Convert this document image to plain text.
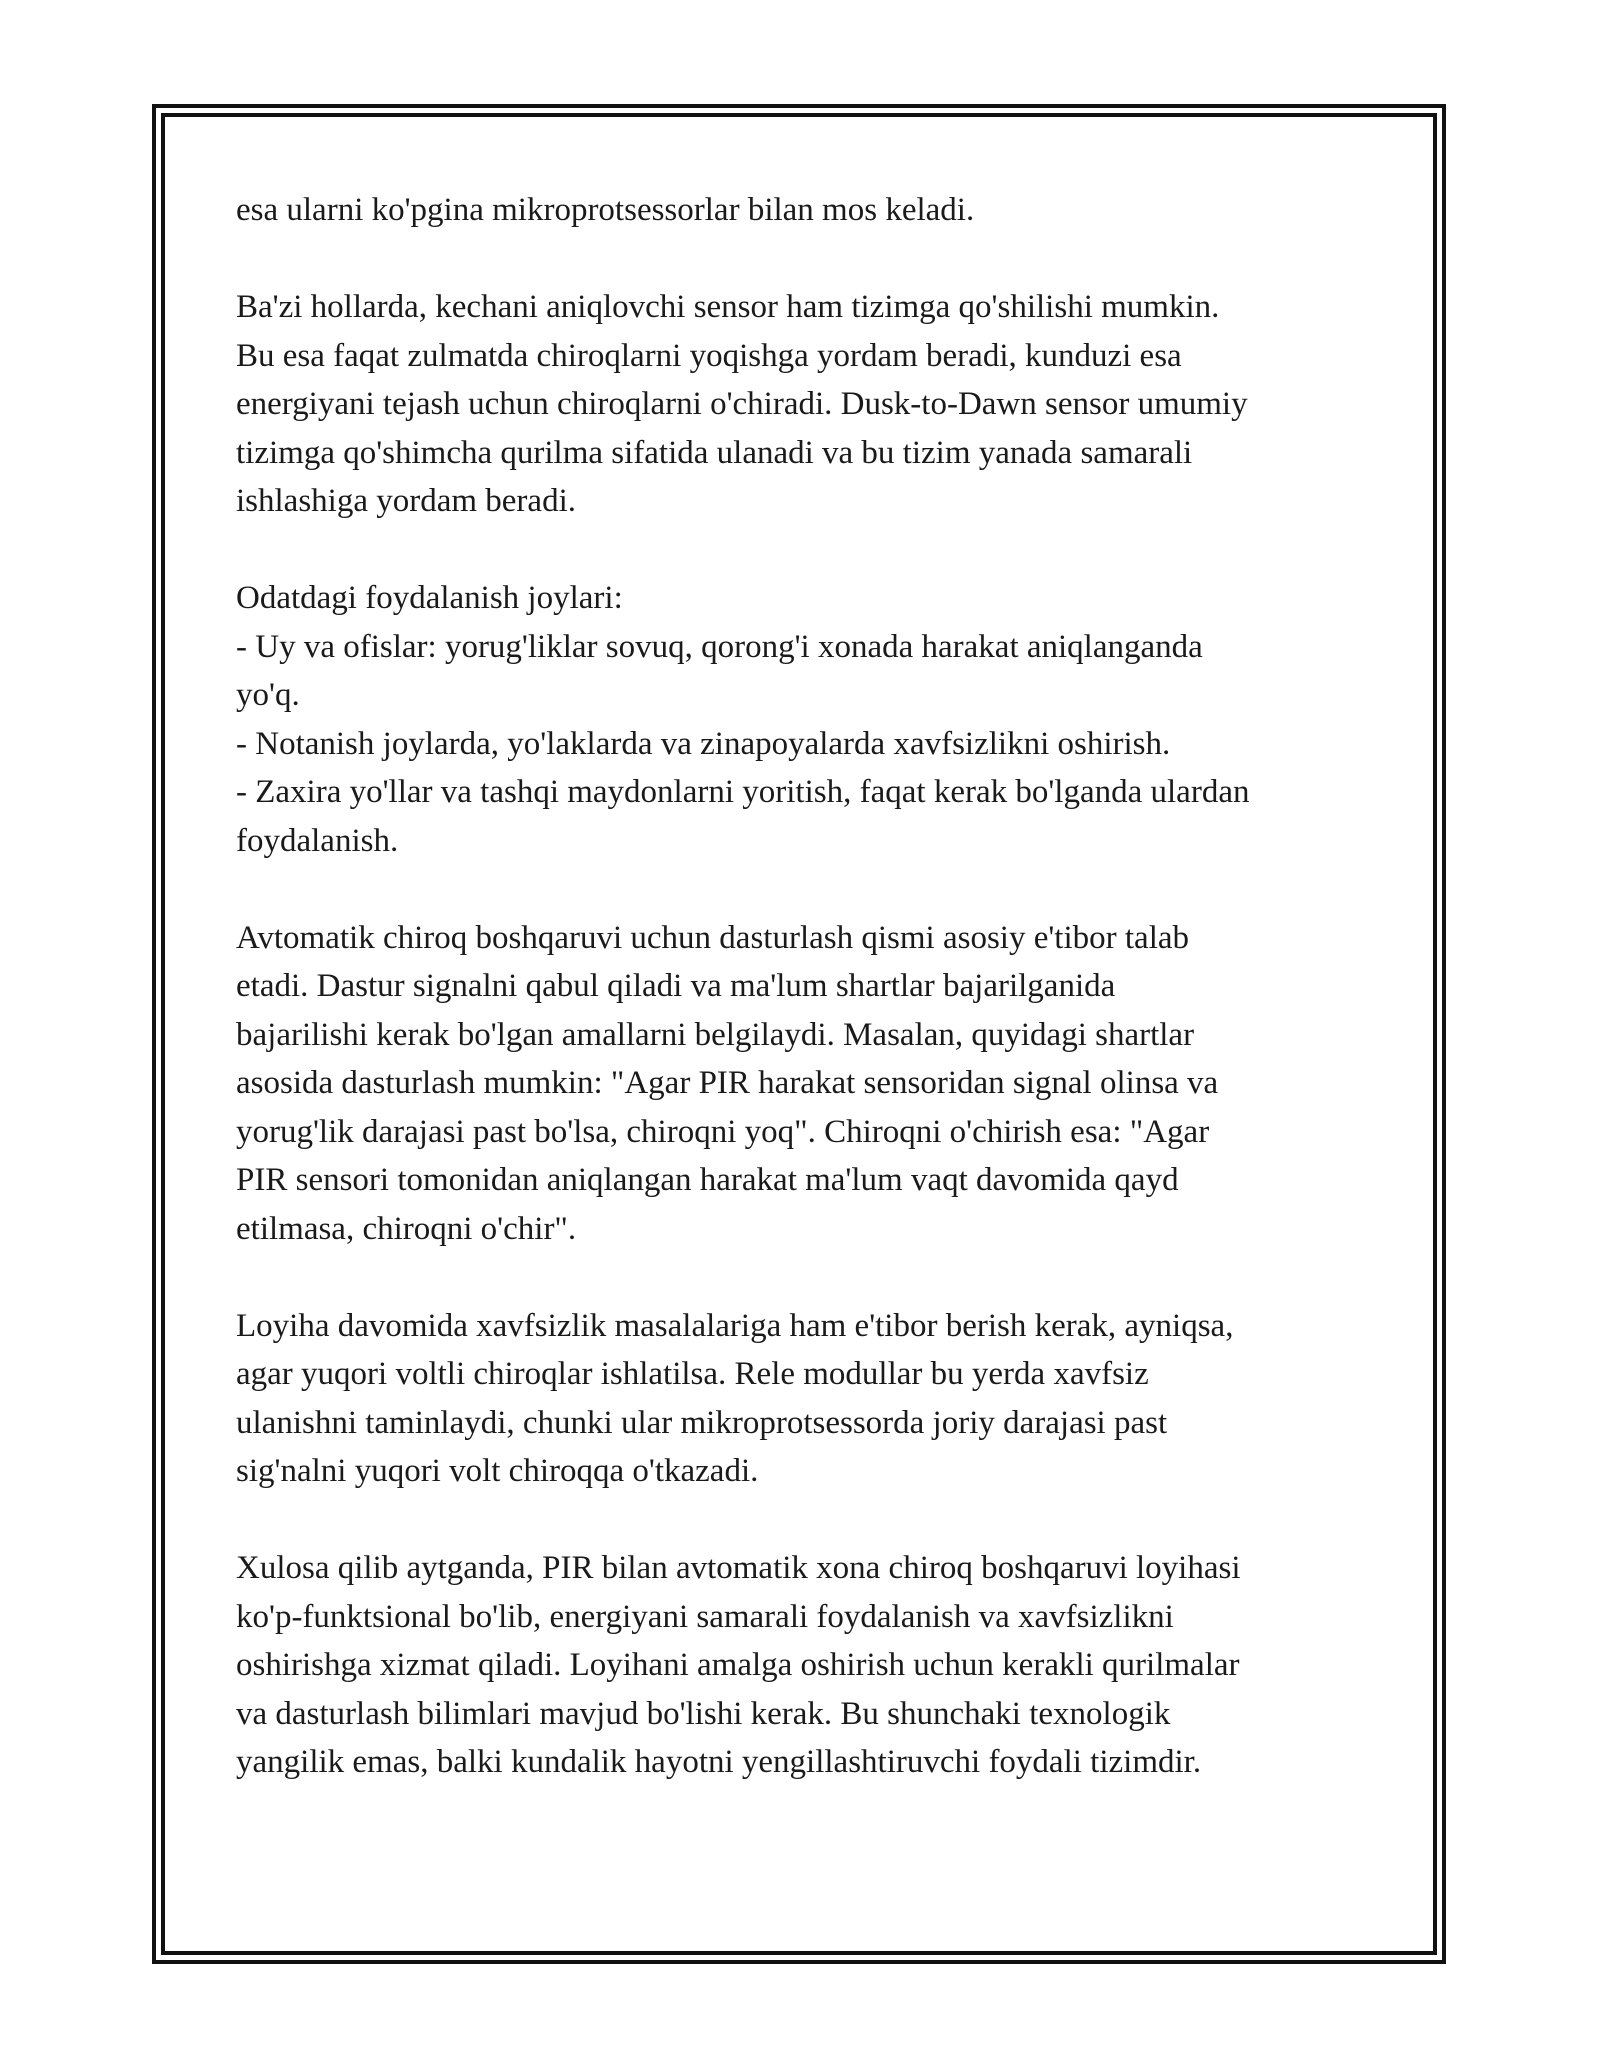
esa ularni ko'pgina mikroprotsessorlar bilan mos keladi.

Ba'zi hollarda, kechani aniqlovchi sensor ham tizimga qo'shilishi mumkin.
Bu esa faqat zulmatda chiroqlarni yoqishga yordam beradi, kunduzi esa
energiyani tejash uchun chiroqlarni o'chiradi. Dusk-to-Dawn sensor umumiy
tizimga qo'shimcha qurilma sifatida ulanadi va bu tizim yanada samarali
ishlashiga yordam beradi.

Odatdagi foydalanish joylari:
- Uy va ofislar: yorug'liklar sovuq, qorong'i xonada harakat aniqlanganda
yo'q.
- Notanish joylarda, yo'laklarda va zinapoyalarda xavfsizlikni oshirish.
- Zaxira yo'llar va tashqi maydonlarni yoritish, faqat kerak bo'lganda ulardan
foydalanish.

Avtomatik chiroq boshqaruvi uchun dasturlash qismi asosiy e'tibor talab
etadi. Dastur signalni qabul qiladi va ma'lum shartlar bajarilganida
bajarilishi kerak bo'lgan amallarni belgilaydi. Masalan, quyidagi shartlar
asosida dasturlash mumkin: "Agar PIR harakat sensoridan signal olinsa va
yorug'lik darajasi past bo'lsa, chiroqni yoq". Chiroqni o'chirish esa: "Agar
PIR sensori tomonidan aniqlangan harakat ma'lum vaqt davomida qayd
etilmasa, chiroqni o'chir".

Loyiha davomida xavfsizlik masalalariga ham e'tibor berish kerak, ayniqsa,
agar yuqori voltli chiroqlar ishlatilsa. Rele modullar bu yerda xavfsiz
ulanishni taminlaydi, chunki ular mikroprotsessorda joriy darajasi past
sig'nalni yuqori volt chiroqqa o'tkazadi.

Xulosa qilib aytganda, PIR bilan avtomatik xona chiroq boshqaruvi loyihasi
ko'p-funktsional bo'lib, energiyani samarali foydalanish va xavfsizlikni
oshirishga xizmat qiladi. Loyihani amalga oshirish uchun kerakli qurilmalar
va dasturlash bilimlari mavjud bo'lishi kerak. Bu shunchaki texnologik
yangilik emas, balki kundalik hayotni yengillashtiruvchi foydali tizimdir.
